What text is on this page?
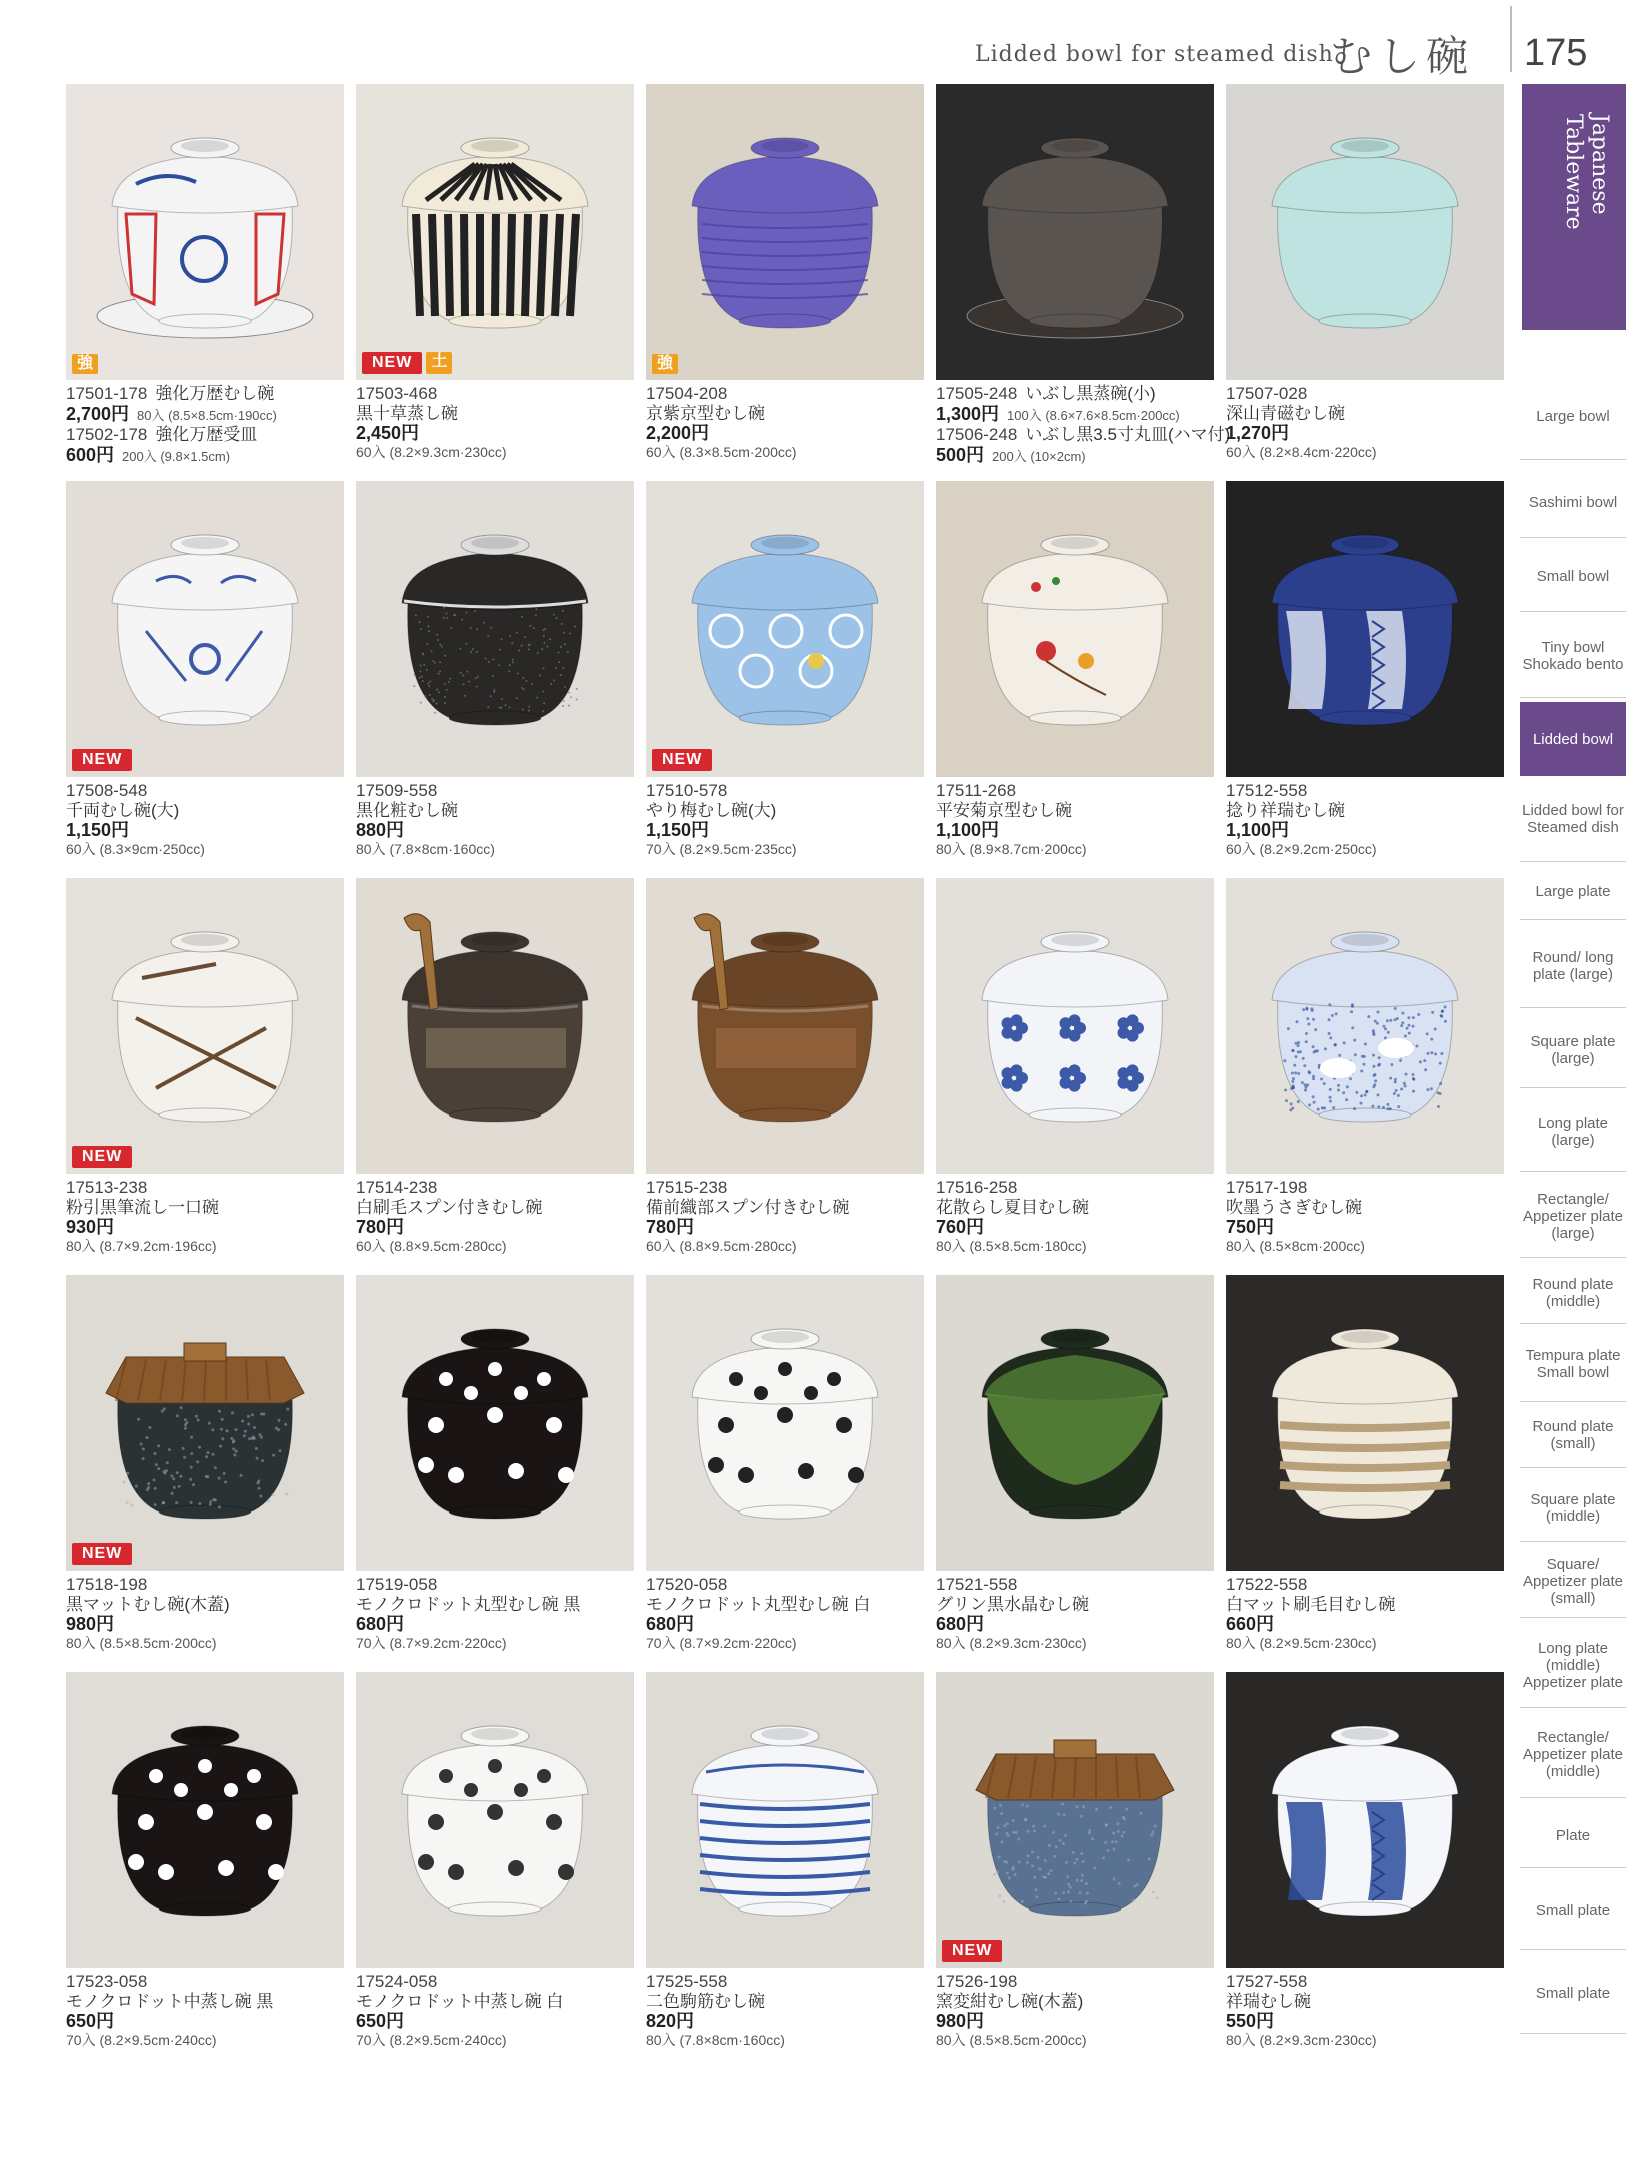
Lidded bowl for steamed dish
むし碗 175
強
17501-178 強化万歴むし碗
2,700円 80入 (8.5×8.5cm·190cc)
17502-178 強化万歴受皿
600円 200入 (9.8×1.5cm)
NEW	土
17503-468
黒十草蒸し碗
2,450円
60入 (8.2×9.3cm·230cc)
強
17504-208
京紫京型むし碗
2,200円
60入 (8.3×8.5cm·200cc)
17505-248 いぶし黒蒸碗(小)
1,300円 100入 (8.6×7.6×8.5cm·200cc)
17506-248 いぶし黒3.5寸丸皿(ハマ付)
500円 200入 (10×2cm)
17507-028
深山青磁むし碗
1,270円
60入 (8.2×8.4cm·220cc)
NEW
17508-548
千両むし碗(大)
1,150円
60入 (8.3×9cm·250cc)
17509-558
黒化粧むし碗
880円
80入 (7.8×8cm·160cc)
NEW
17510-578
やり梅むし碗(大)
1,150円
70入 (8.2×9.5cm·235cc)
17511-268
平安菊京型むし碗
1,100円
80入 (8.9×8.7cm·200cc)
17512-558
捻り祥瑞むし碗
1,100円
60入 (8.2×9.2cm·250cc)
NEW
17513-238
粉引黒筆流し一口碗
930円
80入 (8.7×9.2cm·196cc)
17514-238
白刷毛スプン付きむし碗
780円
60入 (8.8×9.5cm·280cc)
17515-238
備前織部スプン付きむし碗
780円
60入 (8.8×9.5cm·280cc)
17516-258
花散らし夏目むし碗
760円
80入 (8.5×8.5cm·180cc)
17517-198
吹墨うさぎむし碗
750円
80入 (8.5×8cm·200cc)
NEW
17518-198
黒マットむし碗(木蓋)
980円
80入 (8.5×8.5cm·200cc)
17519-058
モノクロドット丸型むし碗 黒
680円
70入 (8.7×9.2cm·220cc)
17520-058
モノクロドット丸型むし碗 白
680円
70入 (8.7×9.2cm·220cc)
17521-558
グリン黒水晶むし碗
680円
80入 (8.2×9.3cm·230cc)
17522-558
白マット刷毛目むし碗
660円
80入 (8.2×9.5cm·230cc)
17523-058
モノクロドット中蒸し碗 黒
650円
70入 (8.2×9.5cm·240cc)
17524-058
モノクロドット中蒸し碗 白
650円
70入 (8.2×9.5cm·240cc)
17525-558
二色駒筋むし碗
820円
80入 (7.8×8cm·160cc)
NEW
17526-198
窯変紺むし碗(木蓋)
980円
80入 (8.5×8.5cm·200cc)
17527-558
祥瑞むし碗
550円
80入 (8.2×9.3cm·230cc)
Japanese Tableware
Large bowl
Sashimi bowl
Small bowl
Tiny bowl Shokado bento
Lidded bowl
Lidded bowl for Steamed dish
Large plate
Round/ long plate (large)
Square plate (large)
Long plate (large)
Rectangle/ Appetizer plate (large)
Round plate (middle)
Tempura plate Small bowl
Round plate (small)
Square plate (middle)
Square/ Appetizer plate (small)
Long plate (middle) Appetizer plate
Rectangle/ Appetizer plate (middle)
Plate
Small plate
Small plate
